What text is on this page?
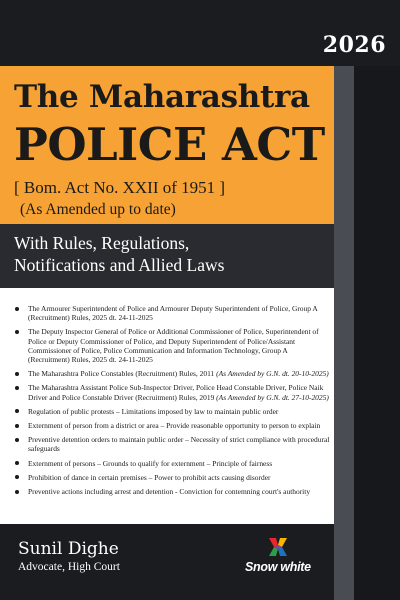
2026
The Maharashtra
POLICE ACT
[ Bom. Act No. XXII of 1951 ]
(As Amended up to date)
With Rules, Regulations,
Notifications and Allied Laws
The Armourer Superintendent of Police and Armourer Deputy Superintendent of Police, Group A (Recruitment) Rules, 2025 dt. 24-11-2025
The Deputy Inspector General of Police or Additional Commissioner of Police, Superintendent of Police or Deputy Commissioner of Police, and Deputy Superintendent of Police/Assistant Commissioner of Police, Police Communication and Information Technology, Group A (Recruitment) Rules, 2025 dt. 24-11-2025
The Maharashtra Police Constables (Recruitment) Rules, 2011 (As Amended by G.N. dt. 20-10-2025)
The Maharashtra Assistant Police Sub-Inspector Driver, Police Head Constable Driver, Police Naik Driver and Police Constable Driver (Recruitment) Rules, 2019 (As Amended by G.N. dt. 27-10-2025)
Regulation of public protests – Limitations imposed by law to maintain public order
Externment of person from a district or area – Provide reasonable opportunity to person to explain
Preventive detention orders to maintain public order – Necessity of strict compliance with procedural safeguards
Externment of persons – Grounds to qualify for externment – Principle of fairness
Prohibition of dance in certain premises – Power to prohibit acts causing disorder
Preventive actions including arrest and detention - Conviction for contemning court's authority
Sunil Dighe
Advocate, High Court	Snow white
